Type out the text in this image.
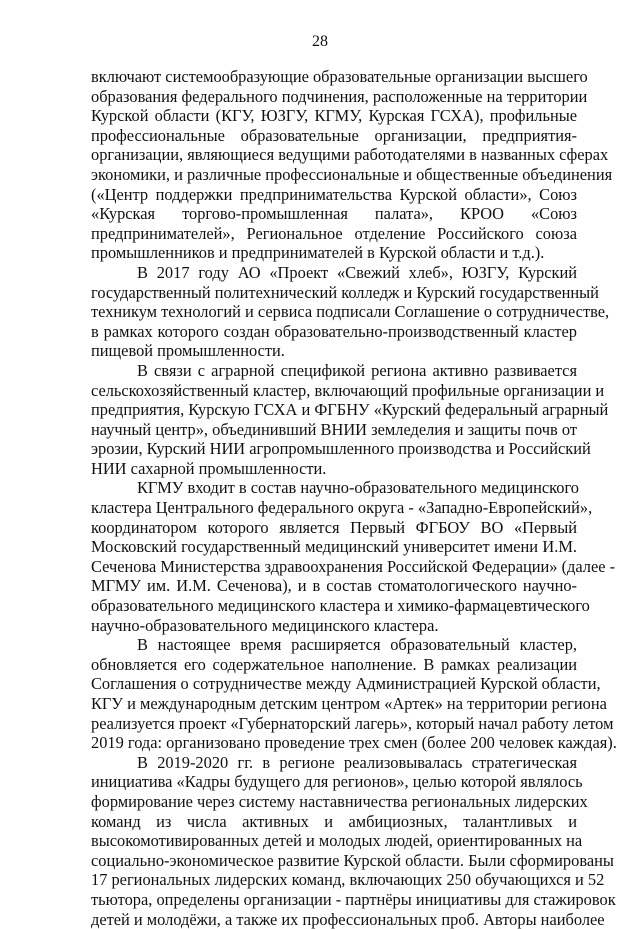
28
включают системообразующие образовательные организации высшего
образования федерального подчинения, расположенные на территории
Курской области (КГУ, ЮЗГУ, КГМУ, Курская ГСХА), профильные
профессиональные образовательные организации, предприятия-
организации, являющиеся ведущими работодателями в названных сферах
экономики, и различные профессиональные и общественные объединения
(«Центр поддержки предпринимательства Курской области», Союз
«Курская торгово-промышленная палата», КРОО «Союз
предпринимателей», Региональное отделение Российского союза
промышленников и предпринимателей в Курской области и т.д.).
В 2017 году АО «Проект «Свежий хлеб», ЮЗГУ, Курский
государственный политехнический колледж и Курский государственный
техникум технологий и сервиса подписали Соглашение о сотрудничестве,
в рамках которого создан образовательно-производственный кластер
пищевой промышленности.
В связи с аграрной спецификой региона активно развивается
сельскохозяйственный кластер, включающий профильные организации и
предприятия, Курскую ГСХА и ФГБНУ «Курский федеральный аграрный
научный центр», объединивший ВНИИ земледелия и защиты почв от
эрозии, Курский НИИ агропромышленного производства и Российский
НИИ сахарной промышленности.
КГМУ входит в состав научно-образовательного медицинского
кластера Центрального федерального округа - «Западно-Европейский»,
координатором которого является Первый ФГБОУ ВО «Первый
Московский государственный медицинский университет имени И.М.
Сеченова Министерства здравоохранения Российской Федерации» (далее -
МГМУ им. И.М. Сеченова), и в состав стоматологического научно-
образовательного медицинского кластера и химико-фармацевтического
научно-образовательного медицинского кластера.
В настоящее время расширяется образовательный кластер,
обновляется его содержательное наполнение. В рамках реализации
Соглашения о сотрудничестве между Администрацией Курской области,
КГУ и международным детским центром «Артек» на территории региона
реализуется проект «Губернаторский лагерь», который начал работу летом
2019 года: организовано проведение трех смен (более 200 человек каждая).
В 2019-2020 гг. в регионе реализовывалась стратегическая
инициатива «Кадры будущего для регионов», целью которой являлось
формирование через систему наставничества региональных лидерских
команд из числа активных и амбициозных, талантливых и
высокомотивированных детей и молодых людей, ориентированных на
социально-экономическое развитие Курской области. Были сформированы
17 региональных лидерских команд, включающих 250 обучающихся и 52
тьютора, определены организации - партнёры инициативы для стажировок
детей и молодёжи, а также их профессиональных проб. Авторы наиболее
